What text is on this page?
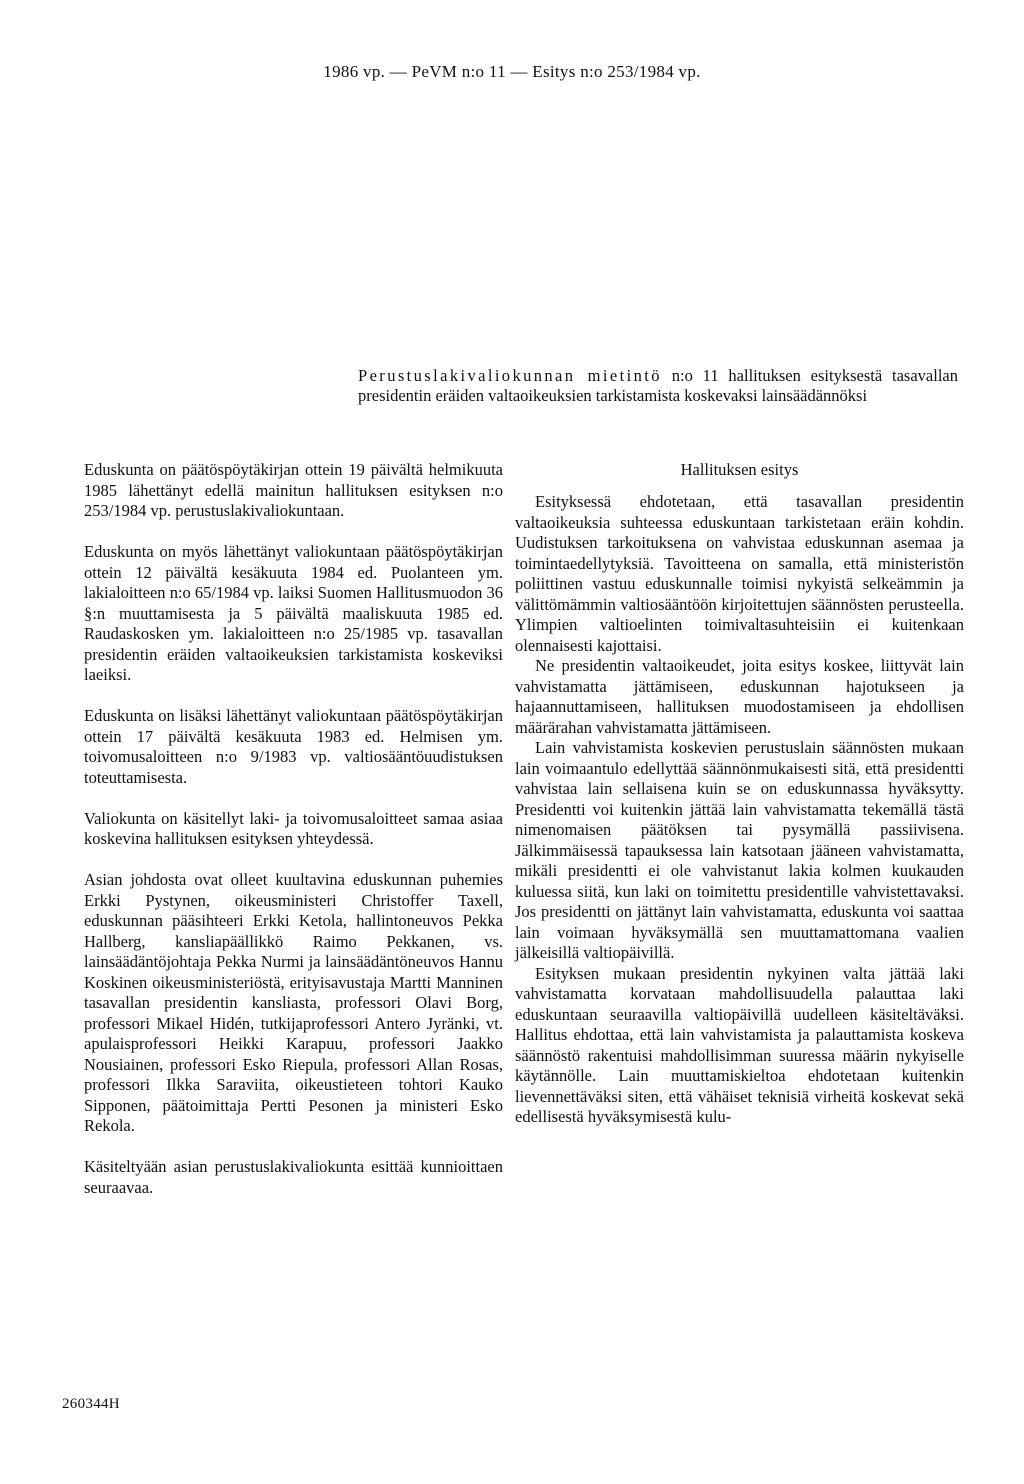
1986 vp. — PeVM n:o 11 — Esitys n:o 253/1984 vp.
Perustuslakivaliokunnan mietintö n:o 11 hallituksen esityksestä tasavallan presidentin eräiden valtaoikeuksien tarkistamista koskevaksi lainsäädännöksi

Eduskunta on päätöspöytäkirjan ottein 19 päivältä helmikuuta 1985 lähettänyt edellä mainitun hallituksen esityksen n:o 253/1984 vp. perustuslakivaliokuntaan.

Eduskunta on myös lähettänyt valiokuntaan päätöspöytäkirjan ottein 12 päivältä kesäkuuta 1984 ed. Puolanteen ym. lakialoitteen n:o 65/1984 vp. laiksi Suomen Hallitusmuodon 36 §:n muuttamisesta ja 5 päivältä maaliskuuta 1985 ed. Raudaskosken ym. lakialoitteen n:o 25/1985 vp. tasavallan presidentin eräiden valtaoikeuksien tarkistamista koskeviksi laeiksi.

Eduskunta on lisäksi lähettänyt valiokuntaan päätöspöytäkirjan ottein 17 päivältä kesäkuuta 1983 ed. Helmisen ym. toivomusaloitteen n:o 9/1983 vp. valtiosääntöuudistuksen toteuttamisesta.

Valiokunta on käsitellyt laki- ja toivomusaloitteet samaa asiaa koskevina hallituksen esityksen yhteydessä.

Asian johdosta ovat olleet kuultavina eduskunnan puhemies Erkki Pystynen, oikeusministeri Christoffer Taxell, eduskunnan pääsihteeri Erkki Ketola, hallintoneuvos Pekka Hallberg, kansliapäällikkö Raimo Pekkanen, vs. lainsäädäntöjohtaja Pekka Nurmi ja lainsäädäntöneuvos Hannu Koskinen oikeusministeriöstä, erityisavustaja Martti Manninen tasavallan presidentin kansliasta, professori Olavi Borg, professori Mikael Hidén, tutkijaprofessori Antero Jyränki, vt. apulaisprofessori Heikki Karapuu, professori Jaakko Nousiainen, professori Esko Riepula, professori Allan Rosas, professori Ilkka Saraviita, oikeustieteen tohtori Kauko Sipponen, päätoimittaja Pertti Pesonen ja ministeri Esko Rekola.

Käsiteltyään asian perustuslakivaliokunta esittää kunnioittaen seuraavaa.

Hallituksen esitys

Esityksessä ehdotetaan, että tasavallan presidentin valtaoikeuksia suhteessa eduskuntaan tarkistetaan eräin kohdin. Uudistuksen tarkoituksena on vahvistaa eduskunnan asemaa ja toimintaedellytyksiä. Tavoitteena on samalla, että ministeristön poliittinen vastuu eduskunnalle toimisi nykyistä selkeämmin ja välittömämmin valtiosääntöön kirjoitettujen säännösten perusteella. Ylimpien valtioelinten toimivaltasuhteisiin ei kuitenkaan olennaisesti kajottaisi.

Ne presidentin valtaoikeudet, joita esitys koskee, liittyvät lain vahvistamatta jättämiseen, eduskunnan hajotukseen ja hajaannuttamiseen, hallituksen muodostamiseen ja ehdollisen määrärahan vahvistamatta jättämiseen.

Lain vahvistamista koskevien perustuslain säännösten mukaan lain voimaantulo edellyttää säännönmukaisesti sitä, että presidentti vahvistaa lain sellaisena kuin se on eduskunnassa hyväksytty. Presidentti voi kuitenkin jättää lain vahvistamatta tekemällä tästä nimenomaisen päätöksen tai pysymällä passiivisena. Jälkimmäisessä tapauksessa lain katsotaan jääneen vahvistamatta, mikäli presidentti ei ole vahvistanut lakia kolmen kuukauden kuluessa siitä, kun laki on toimitettu presidentille vahvistettavaksi. Jos presidentti on jättänyt lain vahvistamatta, eduskunta voi saattaa lain voimaan hyväksymällä sen muuttamattomana vaalien jälkeisillä valtiopäivillä.

Esityksen mukaan presidentin nykyinen valta jättää laki vahvistamatta korvataan mahdollisuudella palauttaa laki eduskuntaan seuraavilla valtiopäivillä uudelleen käsiteltäväksi. Hallitus ehdottaa, että lain vahvistamista ja palauttamista koskeva säännöstö rakentuisi mahdollisimman suuressa määrin nykyiselle käytännölle. Lain muuttamiskieltoa ehdotetaan kuitenkin lievennettäväksi siten, että vähäiset teknisiä virheitä koskevat sekä edellisestä hyväksymisestä kulu-

260344H
